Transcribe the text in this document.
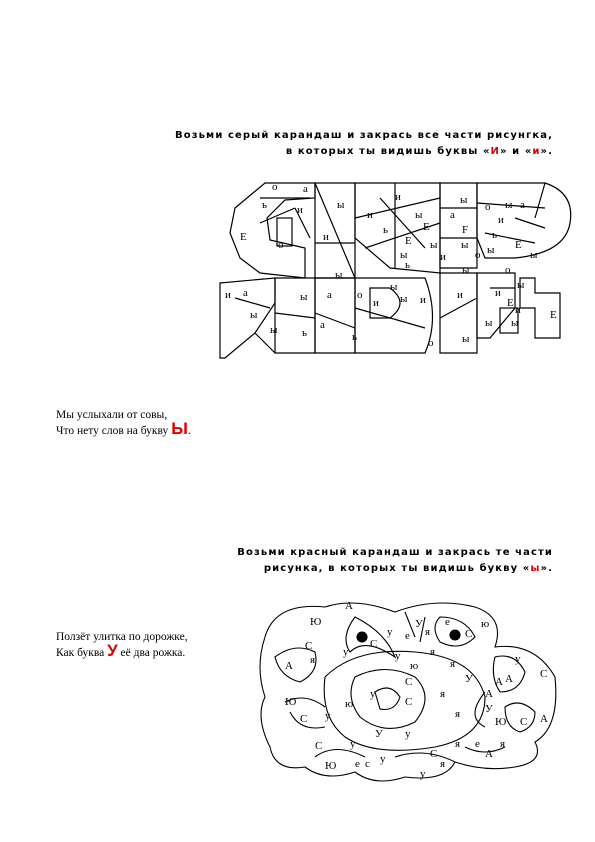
Возьми серый карандаш и закрась все части рисунгка,
в которых ты видишь буквы «И» и «и».
о а
ь	и	ы
и
Е
ы
и
ь
о	а
ь
и
ы
Е	F
ы ы
ь	ы
и
о
ы
а	ы а о
и ы и	и
ы
Е
ы
ы
ы ь
а
ь	о	ы
Е
ы
ы
о	Е
ы
ы
а
ы
и
о
Е
ы
и
и
и
Мы услыхали от совы,
Что нету слов на букву Ы.
Возьми красный карандаш и закрась те части
рисунка, в которых ты видишь букву «ы».
Ползёт улитка по дорожке,
Как буква У её два рожка.
А
Ю	У
С
е
я
ю
С
А я
у
С
у е
я
у
ю
у
С
А
я
я
Ю
С у
ю
у
С
С А
А
я
С	У
У
е я
С
Ю
У у
С
у
е у
у
я
А
А
с
я
Ю
